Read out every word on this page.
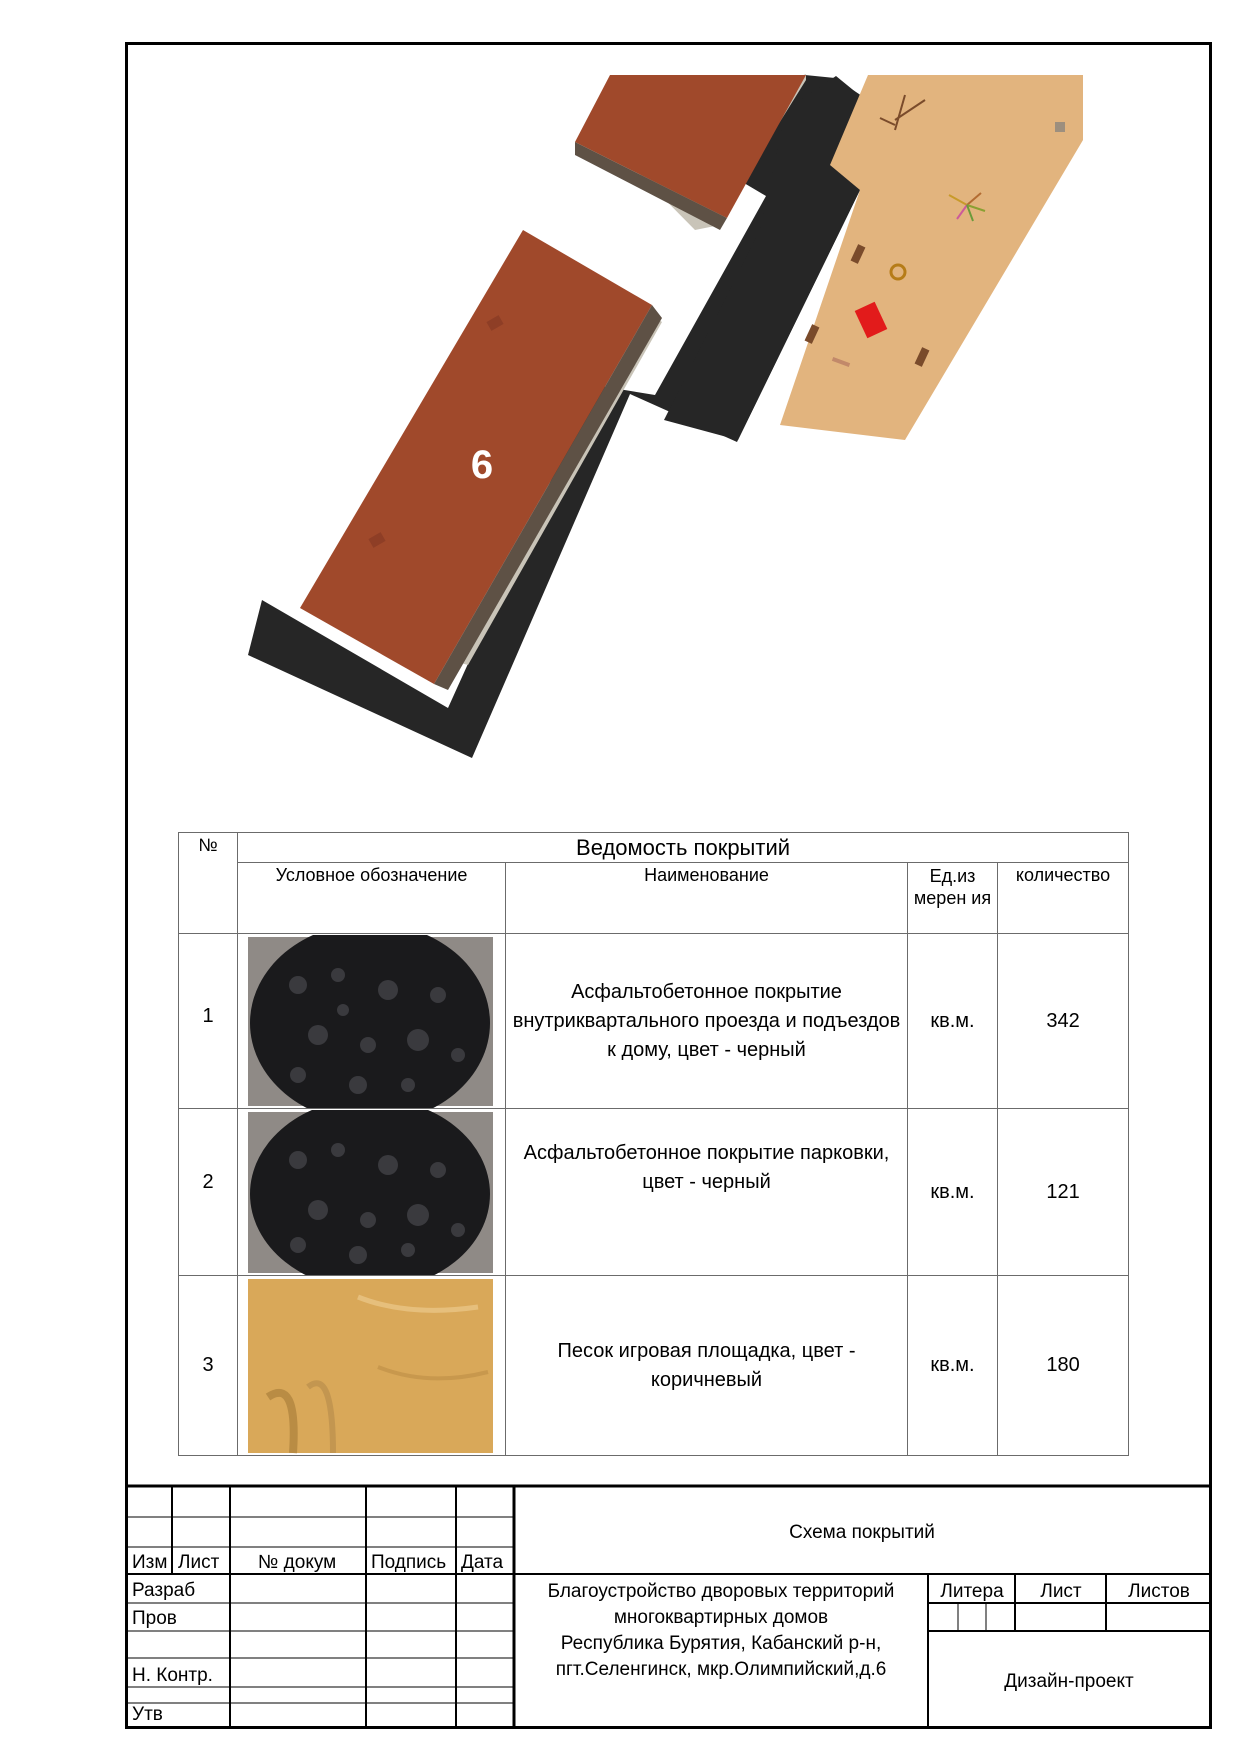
6
№	Ведомость покрытий			
	Условное обозначение	Наименование	Ед.из мерен ия	количество
1		Асфальтобетонное покрытие внутриквартального проезда и подъездов к дому, цвет - черный	кв.м.	342
2		Асфальтобетонное покрытие парковки, цвет - черный	кв.м.	121
3		Песок игровая площадка, цвет - коричневый	кв.м.	180
Изм Лист № докум Подпись Дата
Разраб
Пров
Н. Контр.
Утв
Схема покрытий
Благоустройство дворовых территорий
многоквартирных домов
Республика Бурятия, Кабанский р-н,
пгт.Селенгинск, мкр.Олимпийский,д.6
Литера Лист Листов
Дизайн-проект
